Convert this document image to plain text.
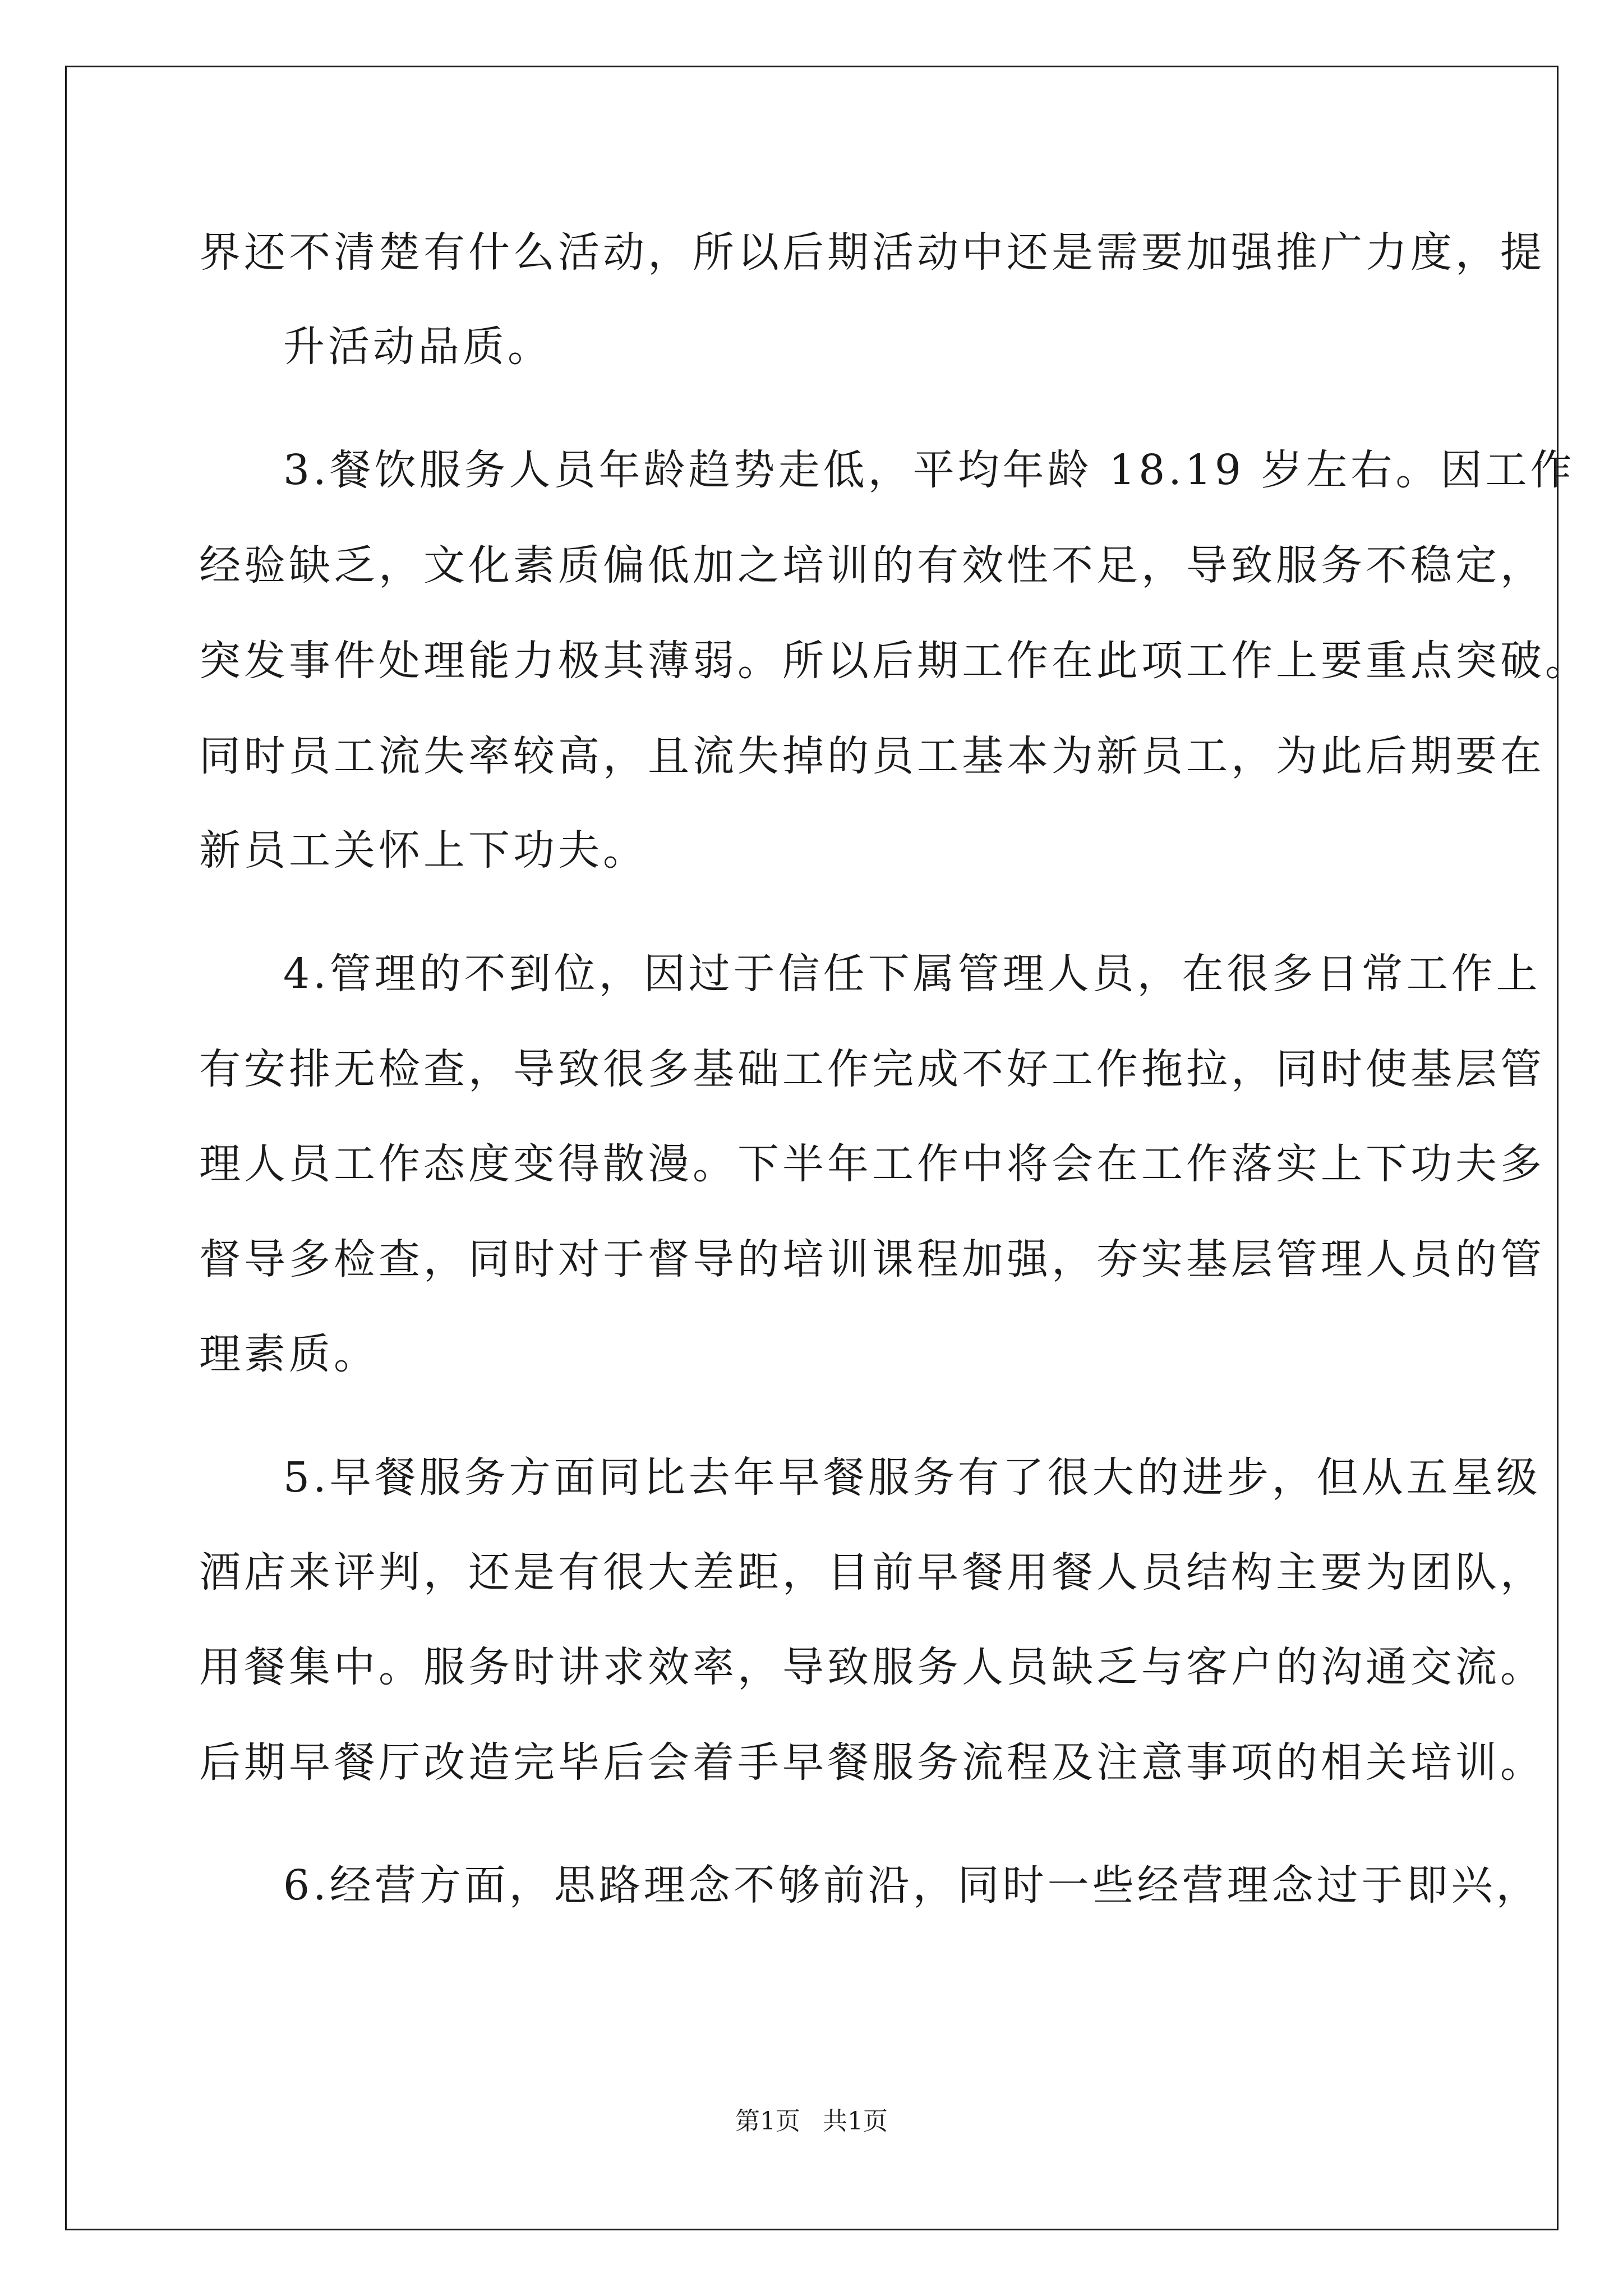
界还不清楚有什么活动，所以后期活动中还是需要加强推广力度，提
升活动品质。
3.餐饮服务人员年龄趋势走低，平均年龄 18.19 岁左右。因工作
经验缺乏，文化素质偏低加之培训的有效性不足，导致服务不稳定，
突发事件处理能力极其薄弱。所以后期工作在此项工作上要重点突破。
同时员工流失率较高，且流失掉的员工基本为新员工，为此后期要在
新员工关怀上下功夫。
4.管理的不到位，因过于信任下属管理人员，在很多日常工作上
有安排无检查，导致很多基础工作完成不好工作拖拉，同时使基层管
理人员工作态度变得散漫。下半年工作中将会在工作落实上下功夫多
督导多检查，同时对于督导的培训课程加强，夯实基层管理人员的管
理素质。
5.早餐服务方面同比去年早餐服务有了很大的进步，但从五星级
酒店来评判，还是有很大差距，目前早餐用餐人员结构主要为团队，
用餐集中。服务时讲求效率，导致服务人员缺乏与客户的沟通交流。
后期早餐厅改造完毕后会着手早餐服务流程及注意事项的相关培训。
6.经营方面，思路理念不够前沿，同时一些经营理念过于即兴，
第1页 共1页
